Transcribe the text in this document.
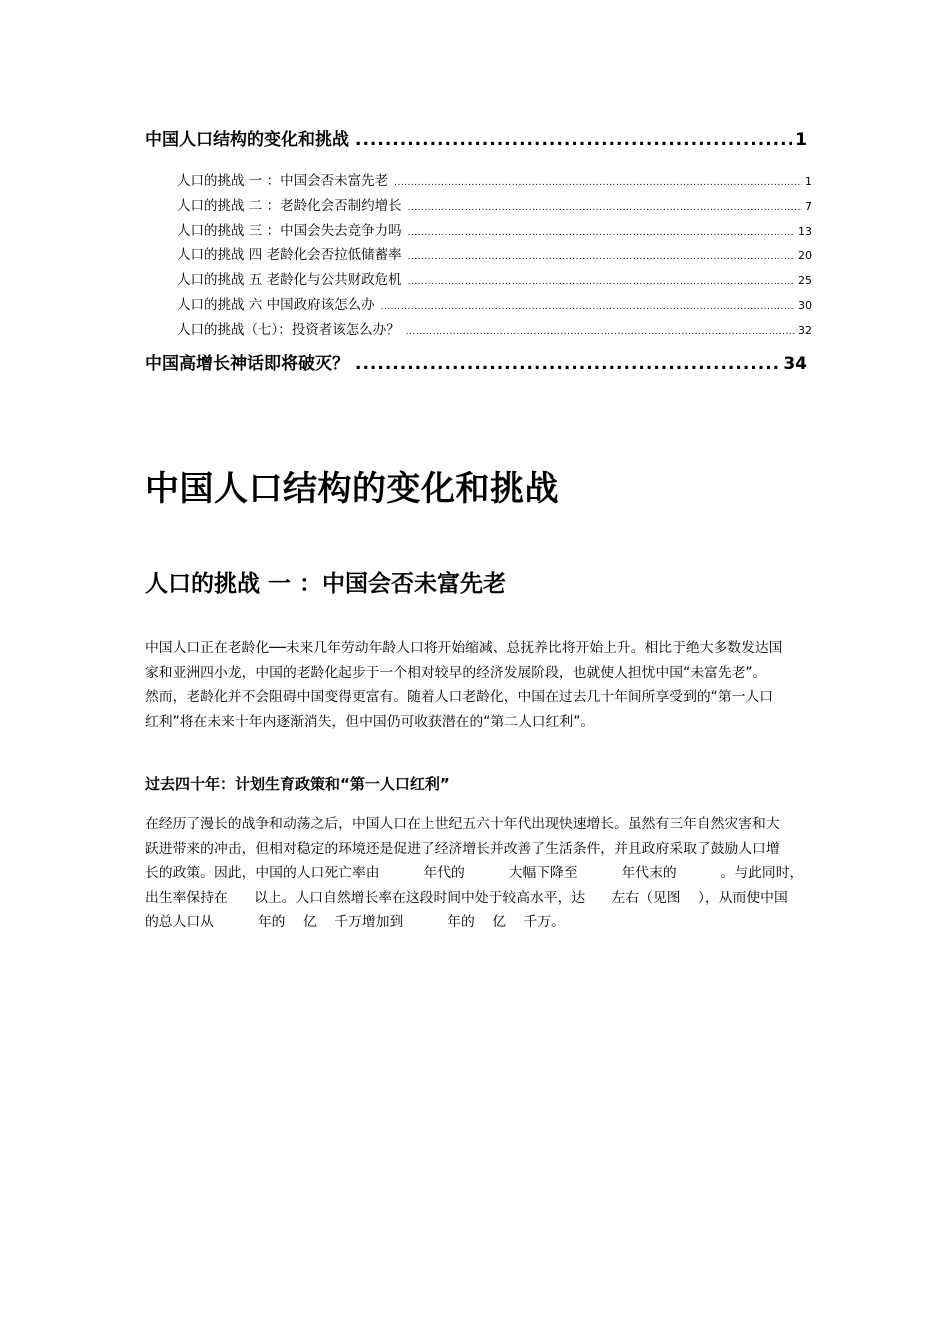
中国人口结构的变化和挑战 .....	1
人口的挑战 一 ：中国会否未富先老 .....	1
人口的挑战 二 ：老龄化会否制约增长 .....	7
人口的挑战 三 ：中国会失去竞争力吗 .....	13
人口的挑战 四 老龄化会否拉低储蓄率 .....	20
人口的挑战 五 老龄化与公共财政危机 .....	25
人口的挑战 六 中国政府该怎么办 .....	30
人口的挑战（七）：投资者该怎么办？ .....	32
中国高增长神话即将破灭？ .....	34
中国人口结构的变化和挑战
人口的挑战 一 ：中国会否未富先老
中国人口正在老龄化──未来几年劳动年龄人口将开始缩减、总抚养比将开始上升。相比于绝大多数发达国
家和亚洲四小龙，中国的老龄化起步于一个相对较早的经济发展阶段，也就使人担忧中国“未富先老”。
然而，老龄化并不会阻碍中国变得更富有。随着人口老龄化，中国在过去几十年间所享受到的“第一人口
红利”将在未来十年内逐渐消失，但中国仍可收获潜在的“第二人口红利”。
过去四十年：计划生育政策和“第一人口红利”
在经历了漫长的战争和动荡之后，中国人口在上世纪五六十年代出现快速增长。虽然有三年自然灾害和大
跃进带来的冲击，但相对稳定的环境还是促进了经济增长并改善了生活条件，并且政府采取了鼓励人口增
长的政策。因此，中国的人口死亡率由          年代的          大幅下降至          年代末的          。与此同时，
出生率保持在      以上。人口自然增长率在这段时间中处于较高水平，达      左右（见图    ），从而使中国
的总人口从          年的    亿    千万增加到          年的    亿    千万。
